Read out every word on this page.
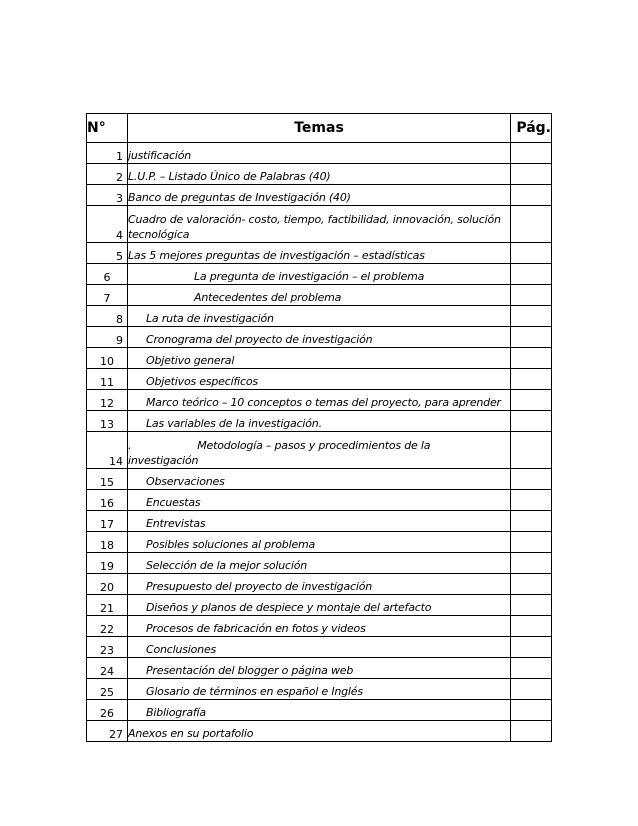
N°	Temas	Pág.
1	justificación	
2	L.U.P. – Listado Único de Palabras (40)	
3	Banco de preguntas de Investigación (40)	
4	Cuadro de valoración- costo, tiempo, factibilidad, innovación, solución tecnológica	
5	Las 5 mejores preguntas de investigación – estadísticas	
6	La pregunta de investigación – el problema	
7	Antecedentes del problema	
8	La ruta de investigación	
9	Cronograma del proyecto de investigación	
10	Objetivo general	
11	Objetivos específicos	
12	Marco teórico – 10 conceptos o temas del proyecto, para aprender	
13	Las variables de la investigación.	
14	.                    Metodología – pasos y procedimientos de la investigación	
15	Observaciones	
16	Encuestas	
17	Entrevistas	
18	Posibles soluciones al problema	
19	Selección de la mejor solución	
20	Presupuesto del proyecto de investigación	
21	Diseños y planos de despiece y montaje del artefacto	
22	Procesos de fabricación en fotos y videos	
23	Conclusiones	
24	Presentación del blogger o página web	
25	Glosario de términos en español e Inglés	
26	Bibliografía	
27	Anexos en su portafolio	
